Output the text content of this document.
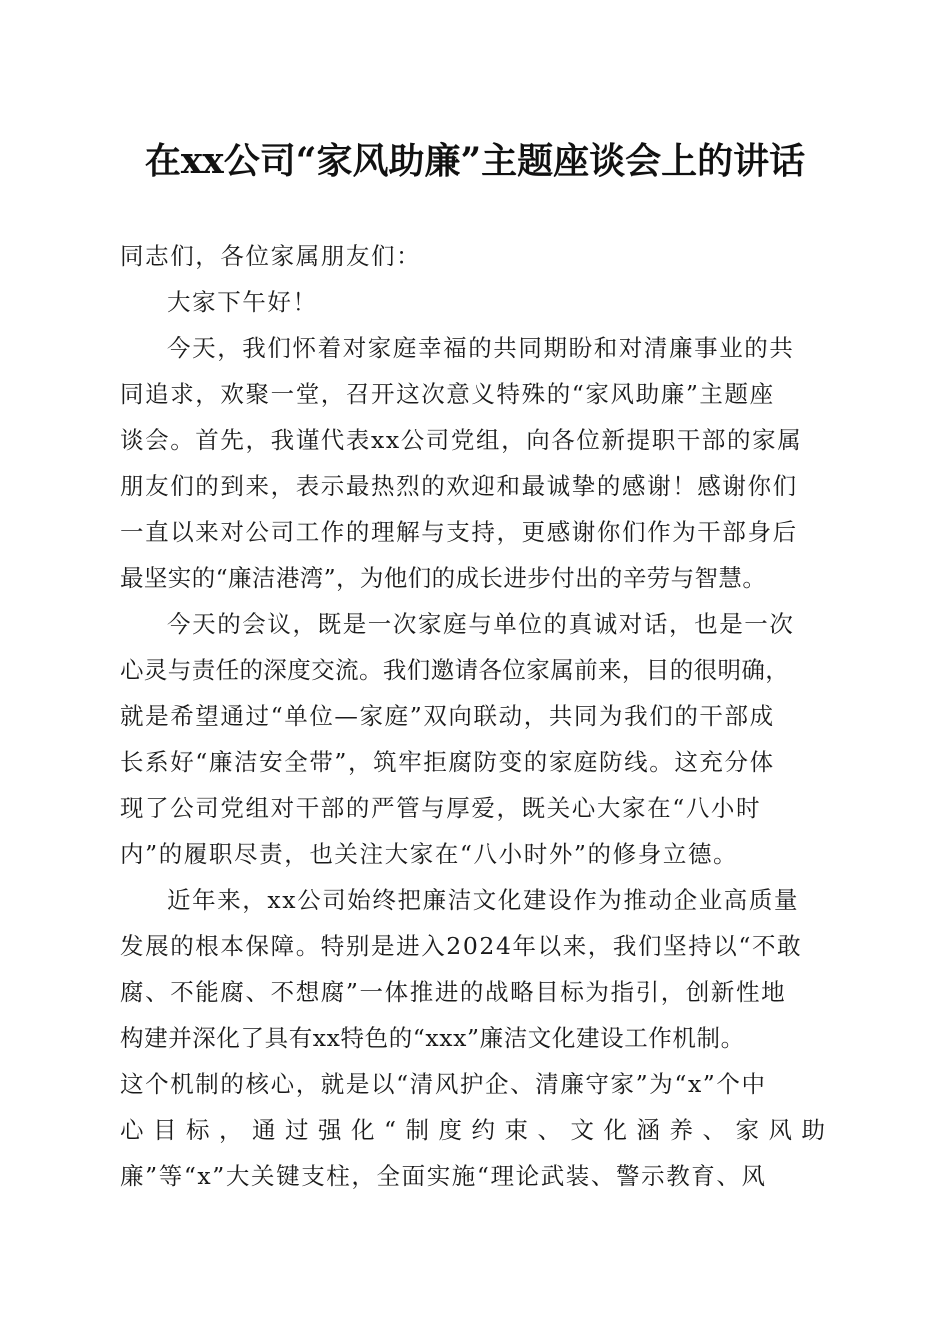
在xx公司“家风助廉”主题座谈会上的讲话
同志们，各位家属朋友们：
大家下午好！
今天，我们怀着对家庭幸福的共同期盼和对清廉事业的共
同追求，欢聚一堂，召开这次意义特殊的“家风助廉”主题座
谈会。首先，我谨代表xx公司党组，向各位新提职干部的家属
朋友们的到来，表示最热烈的欢迎和最诚挚的感谢！感谢你们
一直以来对公司工作的理解与支持，更感谢你们作为干部身后
最坚实的“廉洁港湾”，为他们的成长进步付出的辛劳与智慧。
今天的会议，既是一次家庭与单位的真诚对话，也是一次
心灵与责任的深度交流。我们邀请各位家属前来，目的很明确，
就是希望通过“单位—家庭”双向联动，共同为我们的干部成
长系好“廉洁安全带”，筑牢拒腐防变的家庭防线。这充分体
现了公司党组对干部的严管与厚爱，既关心大家在“八小时
内”的履职尽责，也关注大家在“八小时外”的修身立德。
近年来，xx公司始终把廉洁文化建设作为推动企业高质量
发展的根本保障。特别是进入2024年以来，我们坚持以“不敢
腐、不能腐、不想腐”一体推进的战略目标为指引，创新性地
构建并深化了具有xx特色的“xxx”廉洁文化建设工作机制。
这个机制的核心，就是以“清风护企、清廉守家”为“x”个中
心目标，通过强化“制度约束、文化涵养、家风助
廉”等“x”大关键支柱，全面实施“理论武装、警示教育、风
